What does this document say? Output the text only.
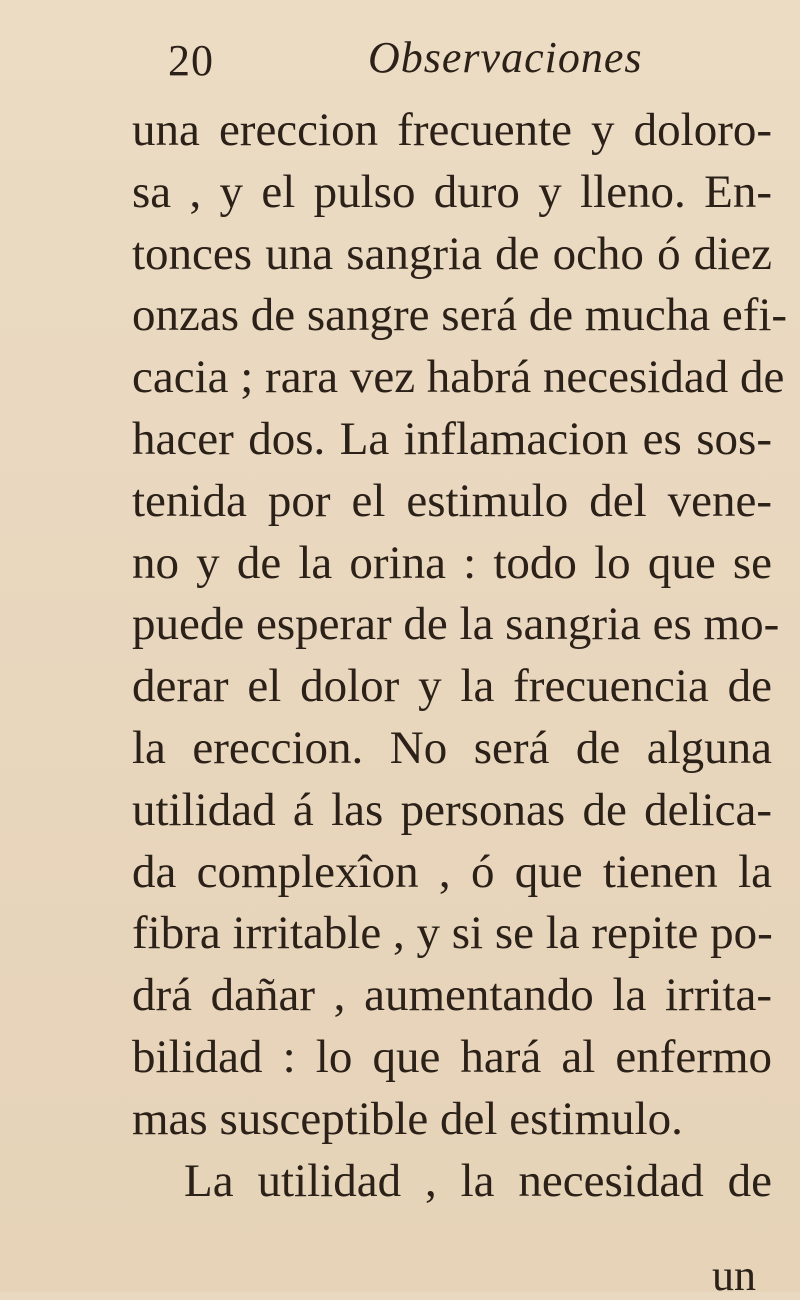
20	Observaciones
una ereccion frecuente y doloro-
sa , y el pulso duro y lleno. En-
tonces una sangria de ocho ó diez
onzas de sangre será de mucha efi-
cacia ; rara vez habrá necesidad de
hacer dos. La inflamacion es sos-
tenida por el estimulo del vene-
no y de la orina : todo lo que se
puede esperar de la sangria es mo-
derar el dolor y la frecuencia de
la ereccion. No será de alguna
utilidad á las personas de delica-
da complexîon , ó que tienen la
fibra irritable , y si se la repite po-
drá dañar , aumentando la irrita-
bilidad : lo que hará al enfermo
mas susceptible del estimulo.
La utilidad , la necesidad de
un
